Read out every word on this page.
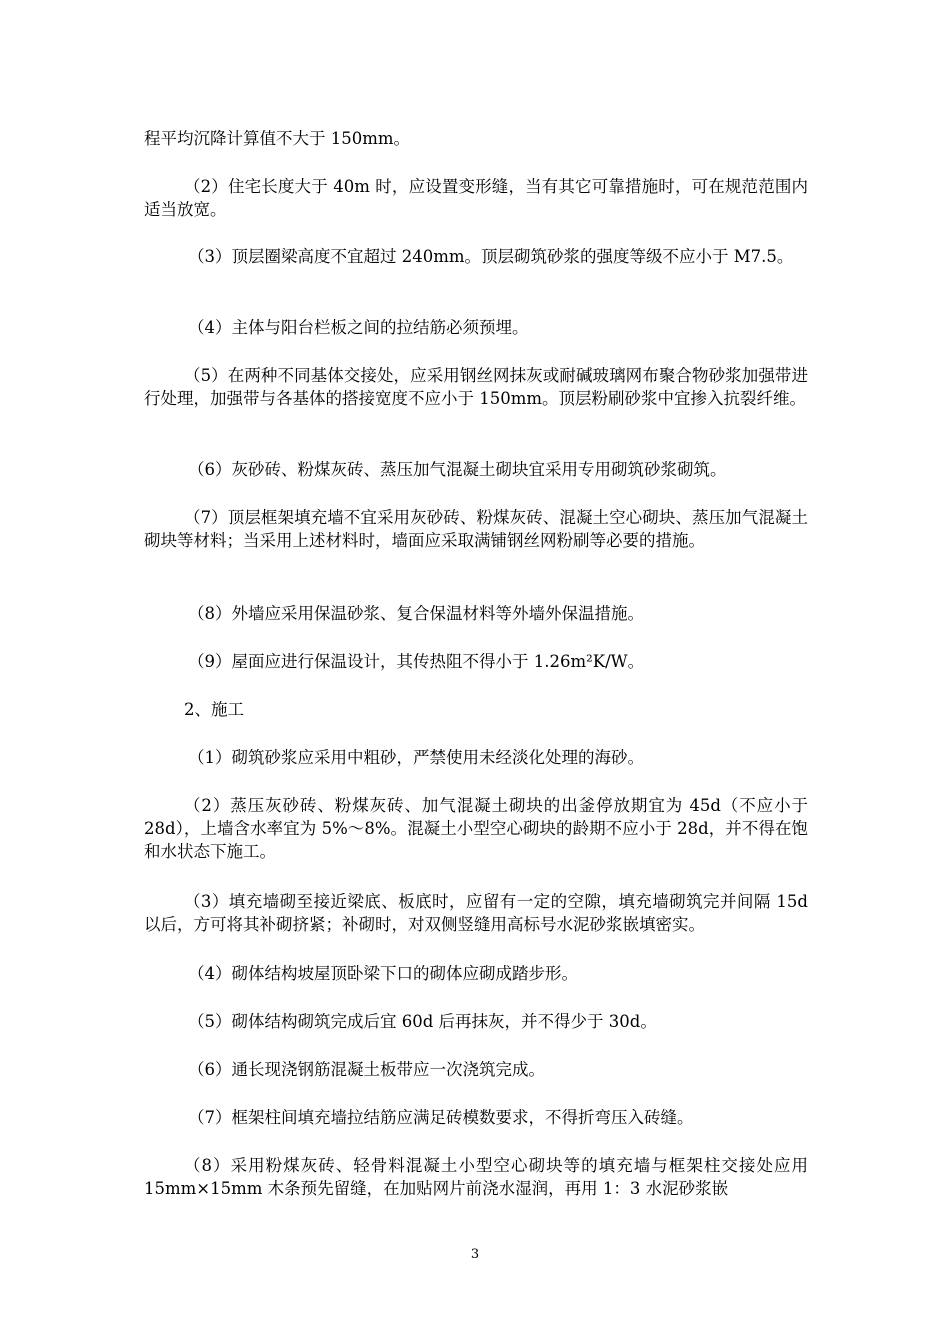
程平均沉降计算值不大于 150mm。

（2）住宅长度大于 40m 时，应设置变形缝，当有其它可靠措施时，可在规范范围内适当放宽。

（3）顶层圈梁高度不宜超过 240mm。顶层砌筑砂浆的强度等级不应小于 M7.5。

（4）主体与阳台栏板之间的拉结筋必须预埋。

（5）在两种不同基体交接处，应采用钢丝网抹灰或耐碱玻璃网布聚合物砂浆加强带进行处理，加强带与各基体的搭接宽度不应小于 150mm。顶层粉刷砂浆中宜掺入抗裂纤维。

（6）灰砂砖、粉煤灰砖、蒸压加气混凝土砌块宜采用专用砌筑砂浆砌筑。

（7）顶层框架填充墙不宜采用灰砂砖、粉煤灰砖、混凝土空心砌块、蒸压加气混凝土砌块等材料；当采用上述材料时，墙面应采取满铺钢丝网粉刷等必要的措施。

（8）外墙应采用保温砂浆、复合保温材料等外墙外保温措施。

（9）屋面应进行保温设计，其传热阻不得小于 1.26m²K/W。

2、施工

（1）砌筑砂浆应采用中粗砂，严禁使用未经淡化处理的海砂。

（2）蒸压灰砂砖、粉煤灰砖、加气混凝土砌块的出釜停放期宜为 45d（不应小于 28d），上墙含水率宜为 5%～8%。混凝土小型空心砌块的龄期不应小于 28d，并不得在饱和水状态下施工。

（3）填充墙砌至接近梁底、板底时，应留有一定的空隙，填充墙砌筑完并间隔 15d 以后，方可将其补砌挤紧；补砌时，对双侧竖缝用高标号水泥砂浆嵌填密实。

（4）砌体结构坡屋顶卧梁下口的砌体应砌成踏步形。

（5）砌体结构砌筑完成后宜 60d 后再抹灰，并不得少于 30d。

（6）通长现浇钢筋混凝土板带应一次浇筑完成。

（7）框架柱间填充墙拉结筋应满足砖模数要求，不得折弯压入砖缝。

（8）采用粉煤灰砖、轻骨料混凝土小型空心砌块等的填充墙与框架柱交接处应用 15mm×15mm 木条预先留缝，在加贴网片前浇水湿润，再用 1：3 水泥砂浆嵌

3
